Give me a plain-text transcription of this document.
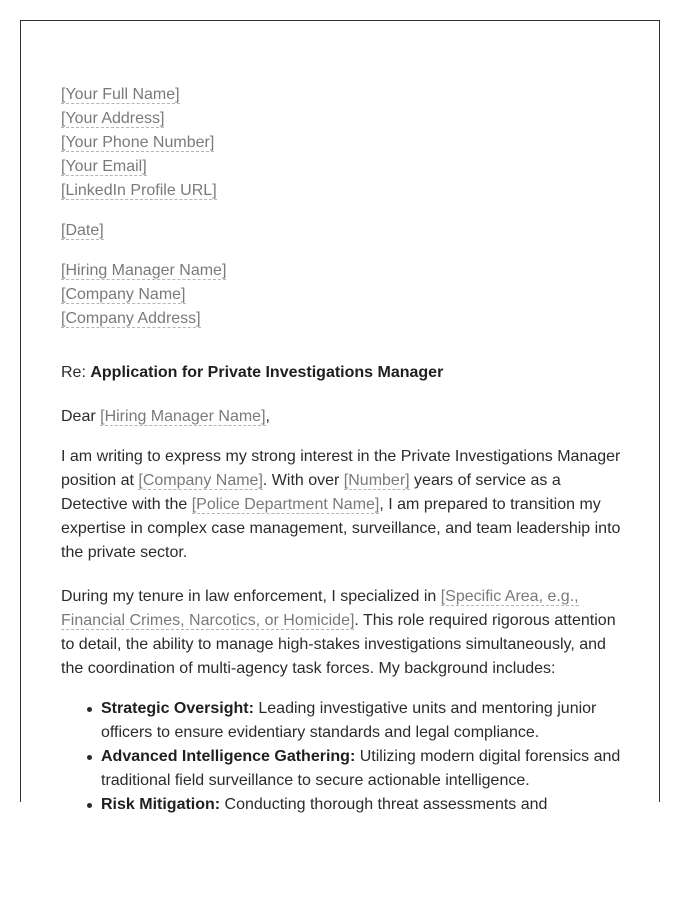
[Your Full Name]
[Your Address]
[Your Phone Number]
[Your Email]
[LinkedIn Profile URL]
[Date]
[Hiring Manager Name]
[Company Name]
[Company Address]

Re: Application for Private Investigations Manager

Dear [Hiring Manager Name],

I am writing to express my strong interest in the Private Investigations Manager position at [Company Name]. With over [Number] years of service as a Detective with the [Police Department Name], I am prepared to transition my expertise in complex case management, surveillance, and team leadership into the private sector.

During my tenure in law enforcement, I specialized in [Specific Area, e.g., Financial Crimes, Narcotics, or Homicide]. This role required rigorous attention to detail, the ability to manage high-stakes investigations simultaneously, and the coordination of multi-agency task forces. My background includes:

Strategic Oversight: Leading investigative units and mentoring junior officers to ensure evidentiary standards and legal compliance.
Advanced Intelligence Gathering: Utilizing modern digital forensics and traditional field surveillance to secure actionable intelligence.
Risk Mitigation: Conducting thorough threat assessments and
